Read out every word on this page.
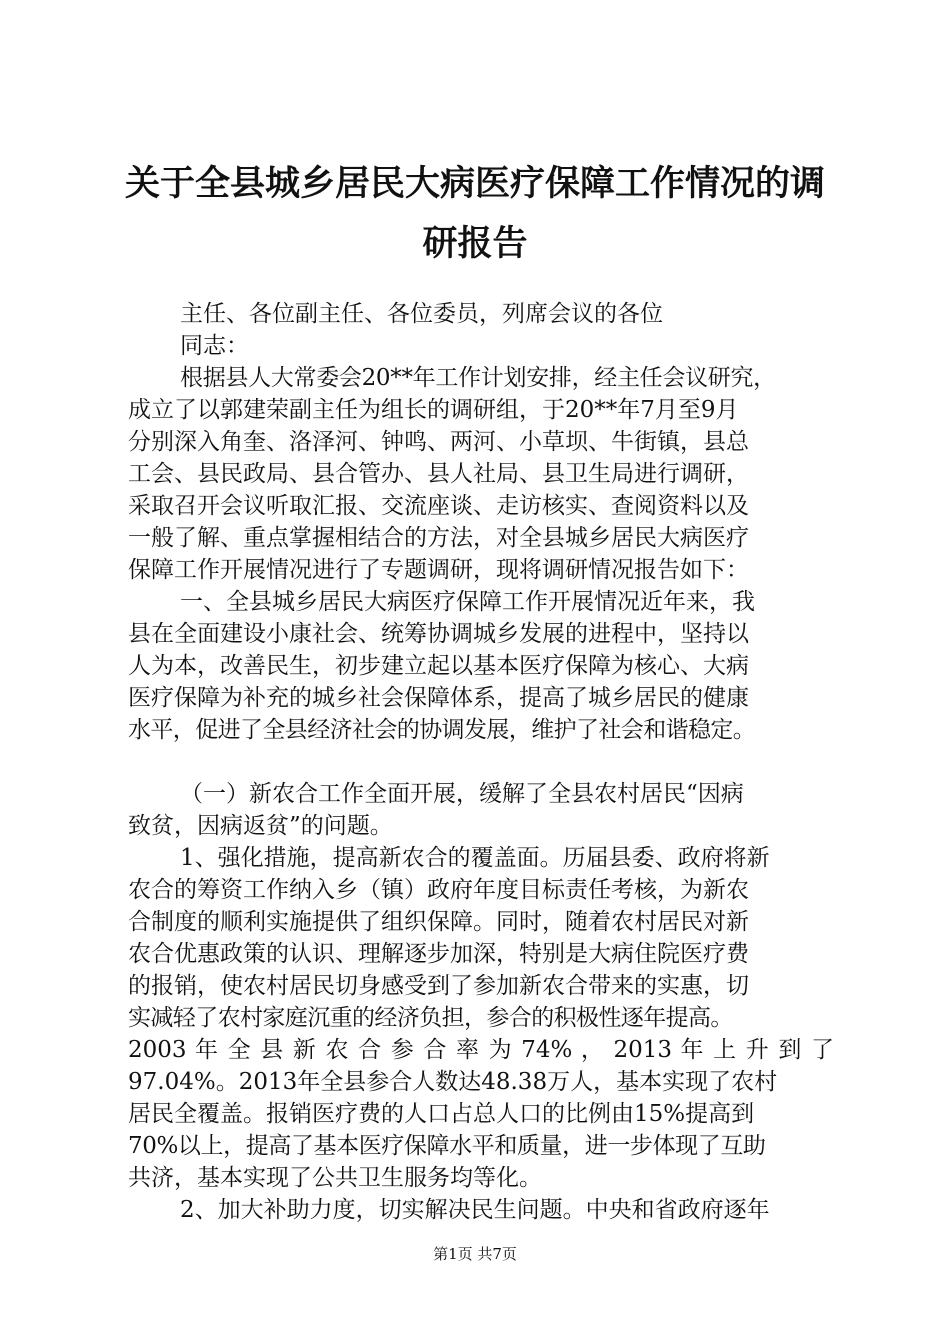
关于全县城乡居民大病医疗保障工作情况的调
研报告

主任、各位副主任、各位委员，列席会议的各位

同志：

根据县人大常委会20**年工作计划安排，经主任会议研究，

成立了以郭建荣副主任为组长的调研组，于20**年7月至9月

分别深入角奎、洛泽河、钟鸣、两河、小草坝、牛街镇，县总

工会、县民政局、县合管办、县人社局、县卫生局进行调研，

采取召开会议听取汇报、交流座谈、走访核实、查阅资料以及

一般了解、重点掌握相结合的方法，对全县城乡居民大病医疗

保障工作开展情况进行了专题调研，现将调研情况报告如下：

一、全县城乡居民大病医疗保障工作开展情况近年来，我

县在全面建设小康社会、统筹协调城乡发展的进程中，坚持以

人为本，改善民生，初步建立起以基本医疗保障为核心、大病

医疗保障为补充的城乡社会保障体系，提高了城乡居民的健康

水平，促进了全县经济社会的协调发展，维护了社会和谐稳定。

（一）新农合工作全面开展，缓解了全县农村居民“因病

致贫，因病返贫”的问题。

1、强化措施，提高新农合的覆盖面。历届县委、政府将新

农合的筹资工作纳入乡（镇）政府年度目标责任考核，为新农

合制度的顺利实施提供了组织保障。同时，随着农村居民对新

农合优惠政策的认识、理解逐步加深，特别是大病住院医疗费

的报销，使农村居民切身感受到了参加新农合带来的实惠，切

实减轻了农村家庭沉重的经济负担，参合的积极性逐年提高。

2003 年 全 县 新 农 合 参 合 率 为 74% ， 2013 年 上 升 到 了

97.04%。2013年全县参合人数达48.38万人，基本实现了农村

居民全覆盖。报销医疗费的人口占总人口的比例由15%提高到

70%以上，提高了基本医疗保障水平和质量，进一步体现了互助

共济，基本实现了公共卫生服务均等化。

2、加大补助力度，切实解决民生问题。中央和省政府逐年

第1页 共7页
